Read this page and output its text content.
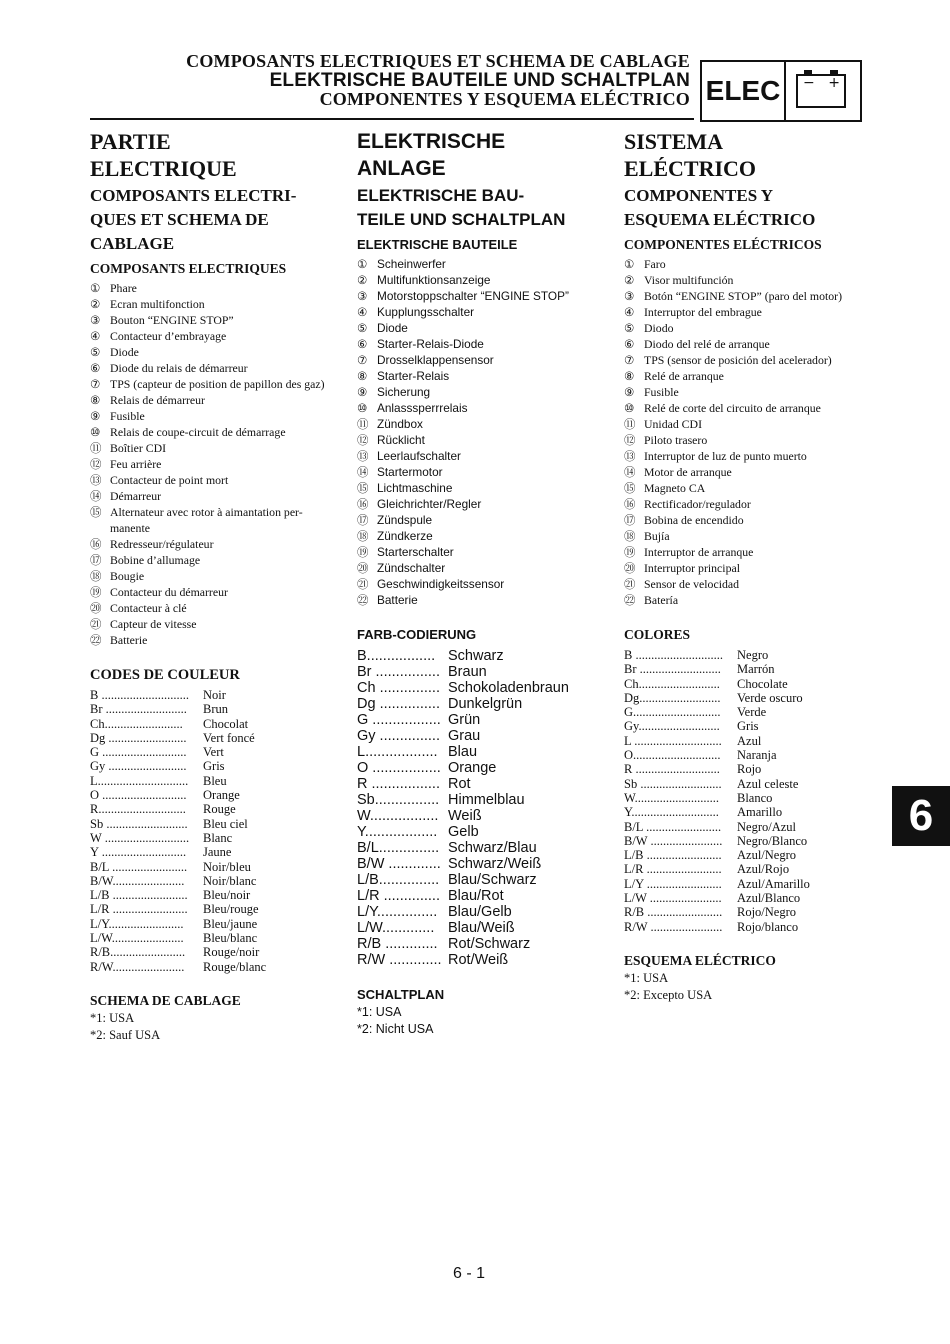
COMPOSANTS ELECTRIQUES ET SCHEMA DE CABLAGE
ELEKTRISCHE BAUTEILE UND SCHALTPLAN
COMPONENTES Y ESQUEMA ELÉCTRICO ELEC	− +
PARTIE
ELECTRIQUE
COMPOSANTS ELECTRI-
QUES ET SCHEMA DE
CABLAGE
COMPOSANTS ELECTRIQUES
① Phare
② Ecran multifonction
③ Bouton “ENGINE STOP”
④ Contacteur d’embrayage
⑤ Diode
⑥ Diode du relais de démarreur
⑦ TPS (capteur de position de papillon des gaz)
⑧ Relais de démarreur
⑨ Fusible
⑩ Relais de coupe-circuit de démarrage
⑪ Boîtier CDI
⑫ Feu arrière
⑬ Contacteur de point mort
⑭ Démarreur
⑮ Alternateur avec rotor à aimantation per-manente
⑯ Redresseur/régulateur
⑰ Bobine d’allumage
⑱ Bougie
⑲ Contacteur du démarreur
⑳ Contacteur à clé
㉑ Capteur de vitesse
㉒ Batterie
CODES DE COULEUR
B ............................	Noir
Br ..........................	Brun
Ch.........................	Chocolat
Dg .........................	Vert foncé
G ...........................	Vert
Gy .........................	Gris
L.............................	Bleu
O ...........................	Orange
R............................	Rouge
Sb ..........................	Bleu ciel
W ...........................	Blanc
Y ...........................	Jaune
B/L ........................	Noir/bleu
B/W.......................	Noir/blanc
L/B ........................	Bleu/noir
L/R ........................	Bleu/rouge
L/Y........................	Bleu/jaune
L/W.......................	Bleu/blanc
R/B........................	Rouge/noir
R/W.......................	Rouge/blanc
SCHEMA DE CABLAGE
*1: USA
*2: Sauf USA
ELEKTRISCHE
ANLAGE
ELEKTRISCHE BAU-
TEILE UND SCHALTPLAN
ELEKTRISCHE BAUTEILE
① Scheinwerfer
② Multifunktionsanzeige
③ Motorstoppschalter “ENGINE STOP”
④ Kupplungsschalter
⑤ Diode
⑥ Starter-Relais-Diode
⑦ Drosselklappensensor
⑧ Starter-Relais
⑨ Sicherung
⑩ Anlasssperrrelais
⑪ Zündbox
⑫ Rücklicht
⑬ Leerlaufschalter
⑭ Startermotor
⑮ Lichtmaschine
⑯ Gleichrichter/Regler
⑰ Zündspule
⑱ Zündkerze
⑲ Starterschalter
⑳ Zündschalter
㉑ Geschwindigkeitssensor
㉒ Batterie
FARB-CODIERUNG
B................. Schwarz
Br ................ Braun
Ch ............... Schokoladenbraun
Dg ............... Dunkelgrün
G ................. Grün
Gy ............... Grau
L.................. Blau
O ................. Orange
R ................. Rot
Sb................ Himmelblau
W................. Weiß
Y.................. Gelb
B/L............... Schwarz/Blau
B/W ............. Schwarz/Weiß
L/B............... Blau/Schwarz
L/R .............. Blau/Rot
L/Y............... Blau/Gelb
L/W............. Blau/Weiß
R/B ............. Rot/Schwarz
R/W ............. Rot/Weiß
SCHALTPLAN
*1: USA
*2: Nicht USA
SISTEMA
ELÉCTRICO
COMPONENTES Y
ESQUEMA ELÉCTRICO
COMPONENTES ELÉCTRICOS
① Faro
② Visor multifunción
③ Botón “ENGINE STOP” (paro del motor)
④ Interruptor del embrague
⑤ Diodo
⑥ Diodo del relé de arranque
⑦ TPS (sensor de posición del acelerador)
⑧ Relé de arranque
⑨ Fusible
⑩ Relé de corte del circuito de arranque
⑪ Unidad CDI
⑫ Piloto trasero
⑬ Interruptor de luz de punto muerto
⑭ Motor de arranque
⑮ Magneto CA
⑯ Rectificador/regulador
⑰ Bobina de encendido
⑱ Bujía
⑲ Interruptor de arranque
⑳ Interruptor principal
㉑ Sensor de velocidad
㉒ Batería
COLORES
B ............................	Negro
Br ..........................	Marrón
Ch..........................	Chocolate
Dg..........................	Verde oscuro
G............................	Verde
Gy..........................	Gris
L ............................	Azul
O............................	Naranja
R ...........................	Rojo
Sb ..........................	Azul celeste
W...........................	Blanco
Y............................	Amarillo
B/L ........................	Negro/Azul
B/W .......................	Negro/Blanco
L/B ........................	Azul/Negro
L/R ........................	Azul/Rojo
L/Y ........................	Azul/Amarillo
L/W .......................	Azul/Blanco
R/B ........................	Rojo/Negro
R/W .......................	Rojo/blanco
ESQUEMA ELÉCTRICO
*1: USA
*2: Excepto USA
6 - 1
6
